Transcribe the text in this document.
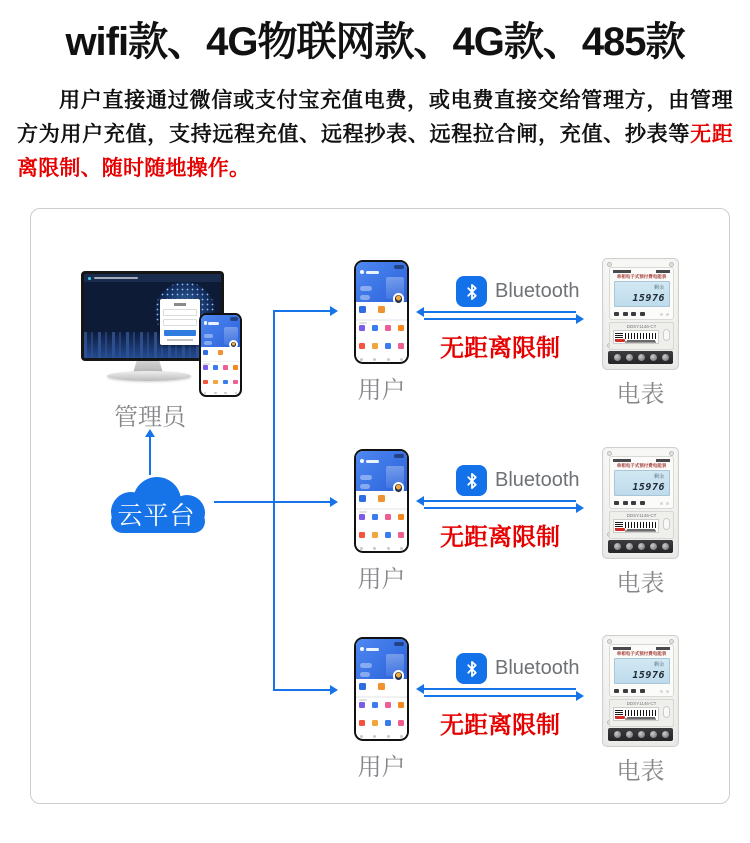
wifi款、4G物联网款、4G款、485款
用户直接通过微信或支付宝充值电费，或电费直接交给管理方，由管理方为用户充值，支持远程充值、远程抄表、远程拉合闸，充值、抄表等无距离限制、随时随地操作。
管理员
云平台
用户
Bluetooth
无距离限制
单相电子式预付费电能表
剩余
15976
DDSY1146-CT
电表
用户
Bluetooth
无距离限制
单相电子式预付费电能表
剩余
15976
DDSY1146-CT
电表
用户
Bluetooth
无距离限制
单相电子式预付费电能表
剩余
15976
DDSY1146-CT
电表
